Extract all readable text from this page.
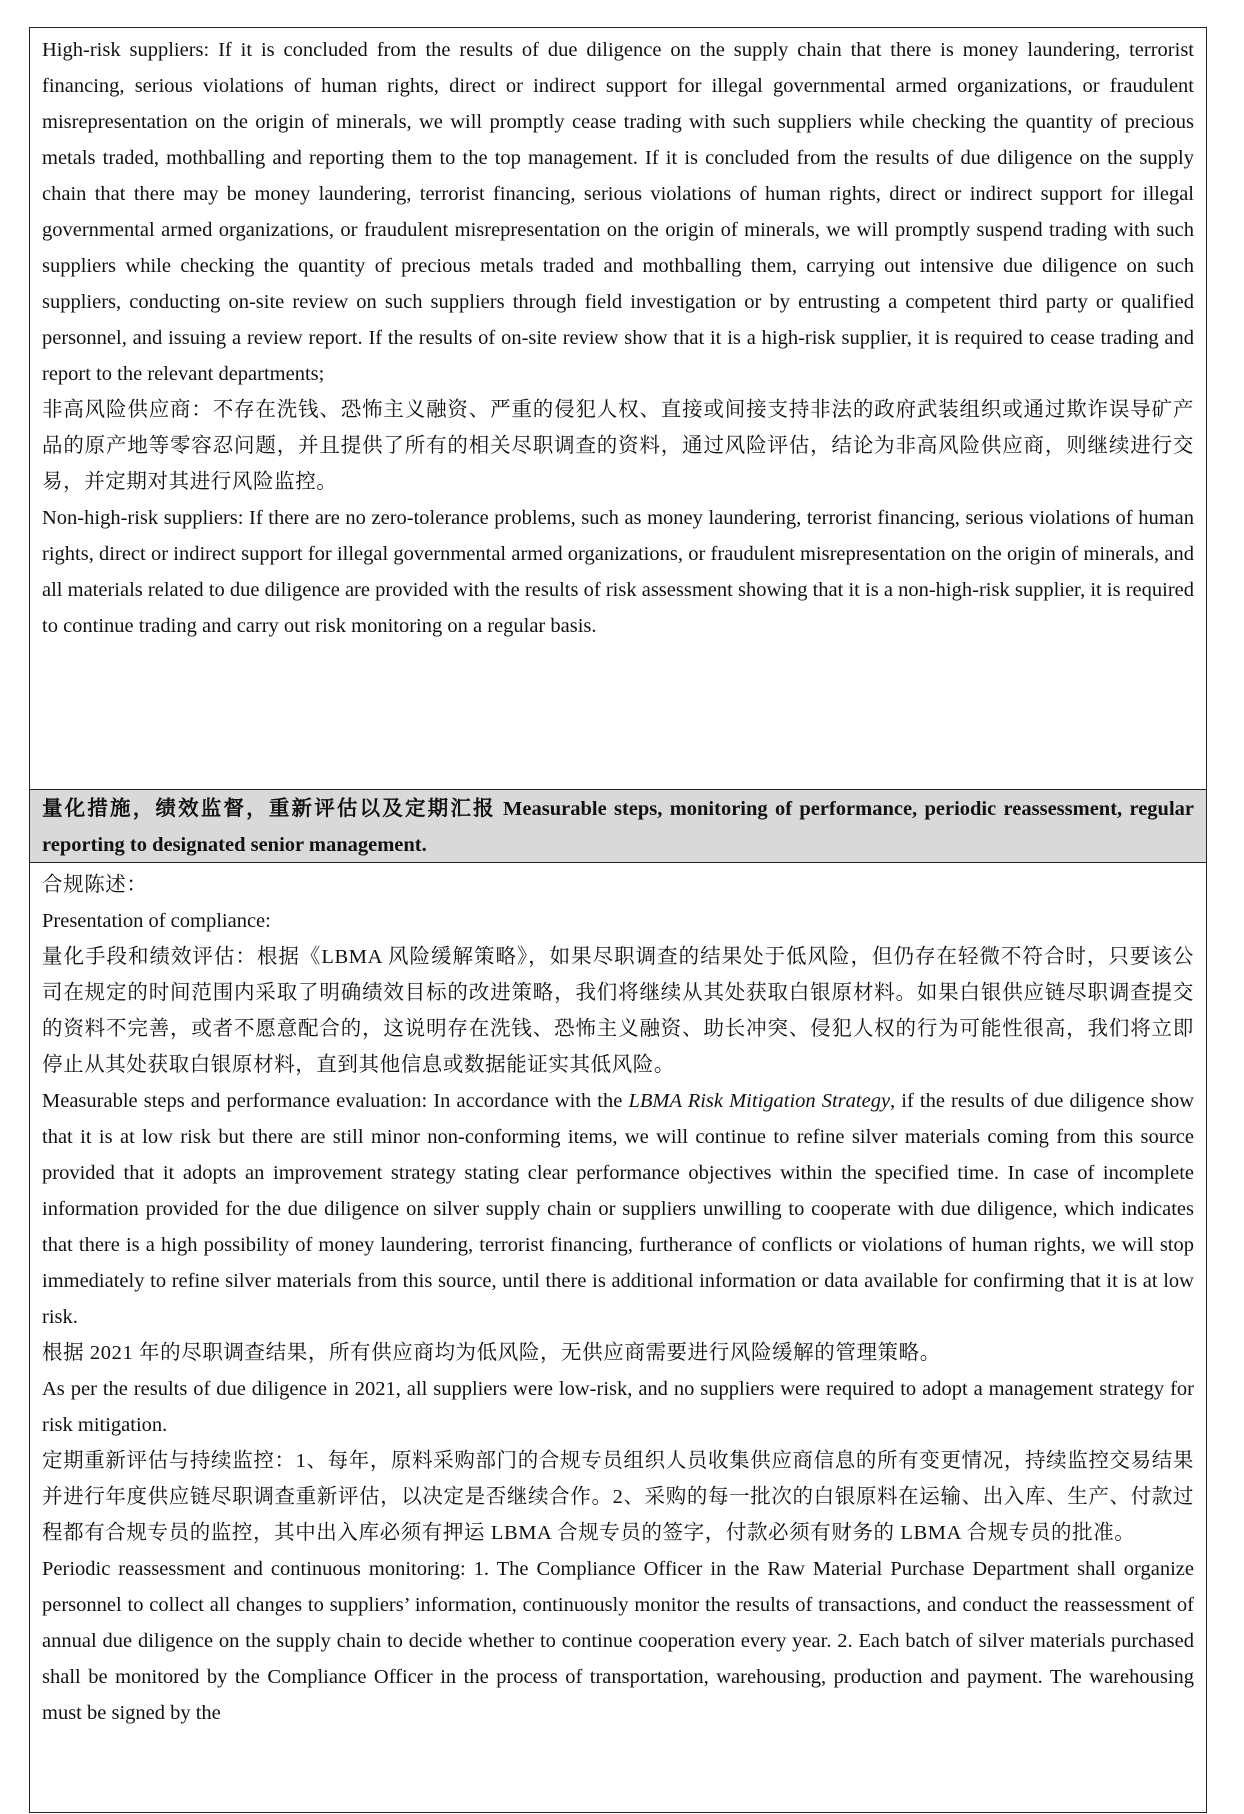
High-risk suppliers: If it is concluded from the results of due diligence on the supply chain that there is money laundering, terrorist financing, serious violations of human rights, direct or indirect support for illegal governmental armed organizations, or fraudulent misrepresentation on the origin of minerals, we will promptly cease trading with such suppliers while checking the quantity of precious metals traded, mothballing and reporting them to the top management. If it is concluded from the results of due diligence on the supply chain that there may be money laundering, terrorist financing, serious violations of human rights, direct or indirect support for illegal governmental armed organizations, or fraudulent misrepresentation on the origin of minerals, we will promptly suspend trading with such suppliers while checking the quantity of precious metals traded and mothballing them, carrying out intensive due diligence on such suppliers, conducting on-site review on such suppliers through field investigation or by entrusting a competent third party or qualified personnel, and issuing a review report. If the results of on-site review show that it is a high-risk supplier, it is required to cease trading and report to the relevant departments;

非高风险供应商：不存在洗钱、恐怖主义融资、严重的侵犯人权、直接或间接支持非法的政府武装组织或通过欺诈误导矿产品的原产地等零容忍问题，并且提供了所有的相关尽职调查的资料，通过风险评估，结论为非高风险供应商，则继续进行交易，并定期对其进行风险监控。

Non-high-risk suppliers: If there are no zero-tolerance problems, such as money laundering, terrorist financing, serious violations of human rights, direct or indirect support for illegal governmental armed organizations, or fraudulent misrepresentation on the origin of minerals, and all materials related to due diligence are provided with the results of risk assessment showing that it is a non-high-risk supplier, it is required to continue trading and carry out risk monitoring on a regular basis.

量化措施，绩效监督，重新评估以及定期汇报 Measurable steps, monitoring of performance, periodic reassessment, regular reporting to designated senior management.

合规陈述：

Presentation of compliance:

量化手段和绩效评估：根据《LBMA 风险缓解策略》，如果尽职调查的结果处于低风险，但仍存在轻微不符合时，只要该公司在规定的时间范围内采取了明确绩效目标的改进策略，我们将继续从其处获取白银原材料。如果白银供应链尽职调查提交的资料不完善，或者不愿意配合的，这说明存在洗钱、恐怖主义融资、助长冲突、侵犯人权的行为可能性很高，我们将立即停止从其处获取白银原材料，直到其他信息或数据能证实其低风险。

Measurable steps and performance evaluation: In accordance with the LBMA Risk Mitigation Strategy, if the results of due diligence show that it is at low risk but there are still minor non-conforming items, we will continue to refine silver materials coming from this source provided that it adopts an improvement strategy stating clear performance objectives within the specified time. In case of incomplete information provided for the due diligence on silver supply chain or suppliers unwilling to cooperate with due diligence, which indicates that there is a high possibility of money laundering, terrorist financing, furtherance of conflicts or violations of human rights, we will stop immediately to refine silver materials from this source, until there is additional information or data available for confirming that it is at low risk.

根据 2021 年的尽职调查结果，所有供应商均为低风险，无供应商需要进行风险缓解的管理策略。

As per the results of due diligence in 2021, all suppliers were low-risk, and no suppliers were required to adopt a management strategy for risk mitigation.

定期重新评估与持续监控：1、每年，原料采购部门的合规专员组织人员收集供应商信息的所有变更情况，持续监控交易结果并进行年度供应链尽职调查重新评估，以决定是否继续合作。2、采购的每一批次的白银原料在运输、出入库、生产、付款过程都有合规专员的监控，其中出入库必须有押运 LBMA 合规专员的签字，付款必须有财务的 LBMA 合规专员的批准。

Periodic reassessment and continuous monitoring: 1. The Compliance Officer in the Raw Material Purchase Department shall organize personnel to collect all changes to suppliers’ information, continuously monitor the results of transactions, and conduct the reassessment of annual due diligence on the supply chain to decide whether to continue cooperation every year. 2. Each batch of silver materials purchased shall be monitored by the Compliance Officer in the process of transportation, warehousing, production and payment. The warehousing must be signed by the
